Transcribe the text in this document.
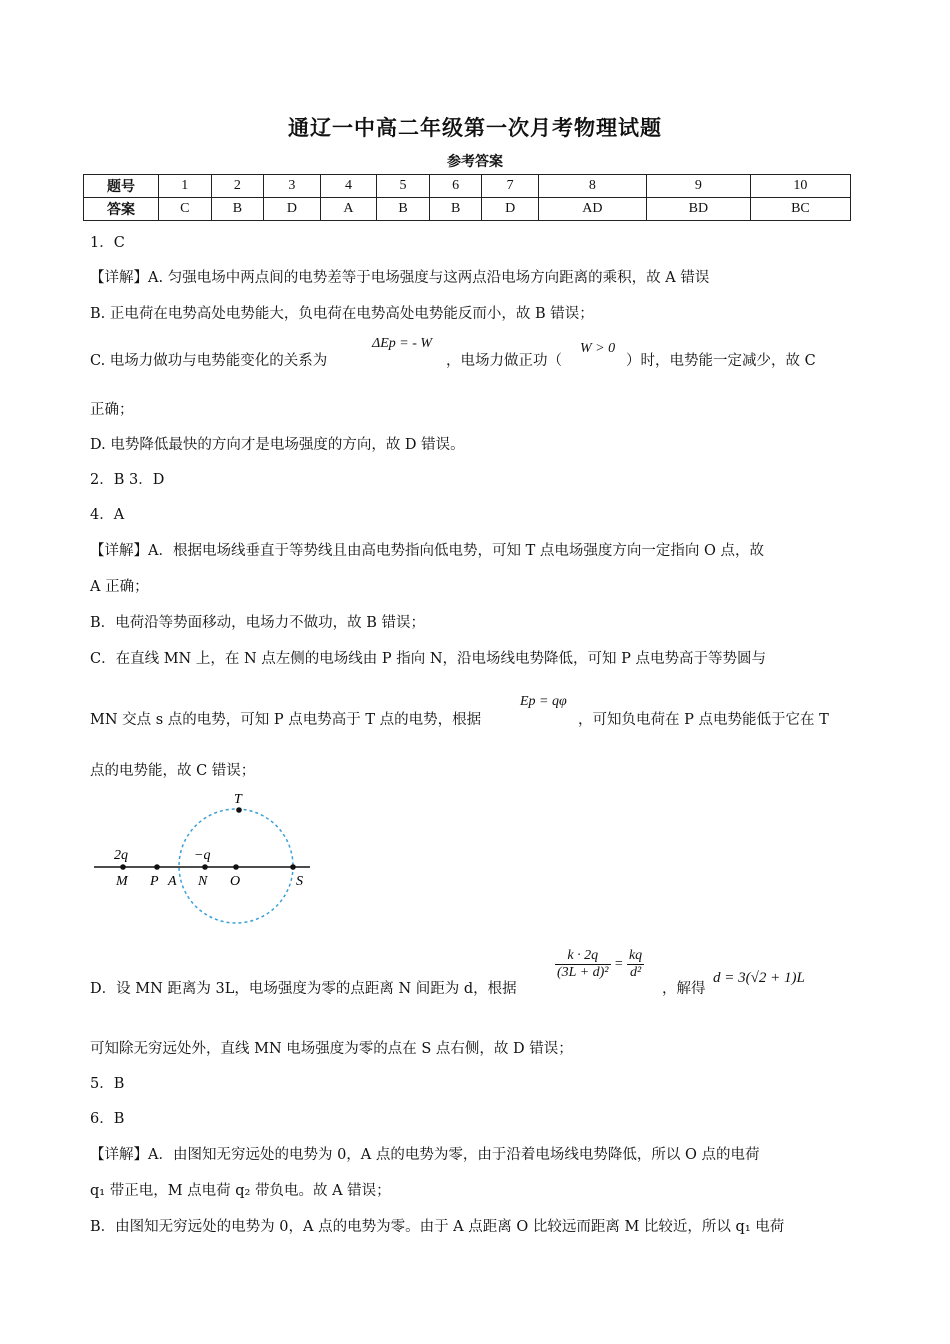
通辽一中高二年级第一次月考物理试题
参考答案
题号	1	2	3	4	5	6	7	8	9	10
答案	C	B	D	A	B	B	D	AD	BD	BC
1．C
【详解】A. 匀强电场中两点间的电势差等于电场强度与这两点沿电场方向距离的乘积，故 A 错误
B. 正电荷在电势高处电势能大，负电荷在电势高处电势能反而小，故 B 错误；
C. 电场力做功与电势能变化的关系为
ΔEp = - W
，电场力做正功（
W > 0
）时，电势能一定减少，故 C
正确；
D. 电势降低最快的方向才是电场强度的方向，故 D 错误。
2．B 3．D
4．A
【详解】A．根据电场线垂直于等势线且由高电势指向低电势，可知 T 点电场强度方向一定指向 O 点，故
A 正确；
B．电荷沿等势面移动，电场力不做功，故 B 错误；
C．在直线 MN 上，在 N 点左侧的电场线由 P 指向 N，沿电场线电势降低，可知 P 点电势高于等势圆与
MN 交点 s 点的电势，可知 P 点电势高于 T 点的电势，根据
Ep = qφ
，可知负电荷在 P 点电势能低于它在 T
点的电势能，故 C 错误；
T
2q	−q
M P A N O	S
D．设 MN 距离为 3L，电场强度为零的点距离 N 间距为 d，根据
$\frac{k \cdot 2q}{\text{(3L + d)²}} = \frac{kq}{\text{d²}}$
，解得
d = 3(√2 + 1)L
可知除无穷远处外，直线 MN 电场强度为零的点在 S 点右侧，故 D 错误；
5．B
6．B
【详解】A．由图知无穷远处的电势为 0，A 点的电势为零，由于沿着电场线电势降低，所以 O 点的电荷
q₁ 带正电，M 点电荷 q₂ 带负电。故 A 错误；
B．由图知无穷远处的电势为 0，A 点的电势为零。由于 A 点距离 O 比较远而距离 M 比较近，所以 q₁ 电荷
